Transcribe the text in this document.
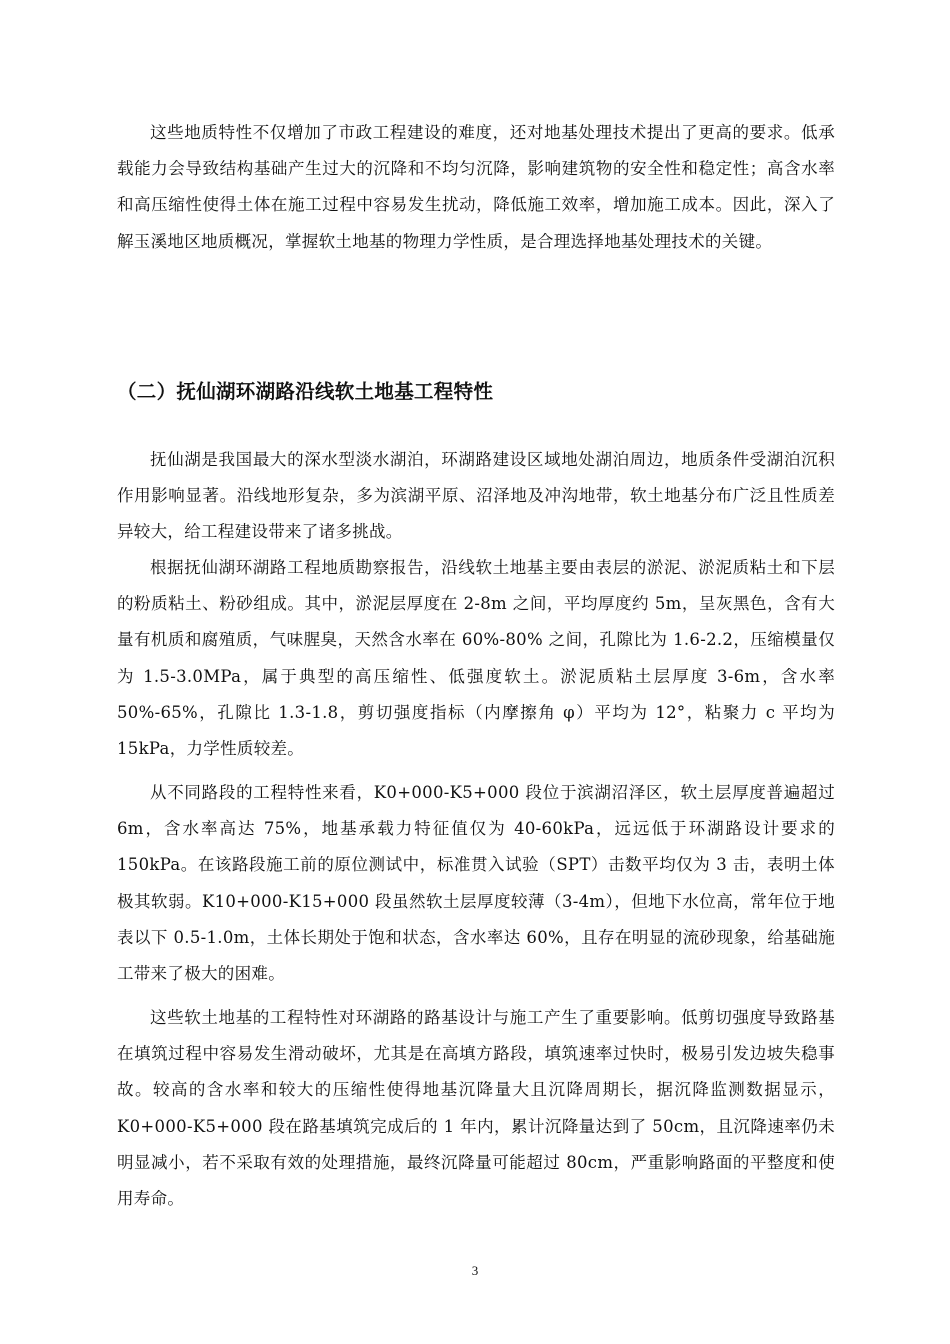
这些地质特性不仅增加了市政工程建设的难度，还对地基处理技术提出了更高的要求。低承载能力会导致结构基础产生过大的沉降和不均匀沉降，影响建筑物的安全性和稳定性；高含水率和高压缩性使得土体在施工过程中容易发生扰动，降低施工效率，增加施工成本。因此，深入了解玉溪地区地质概况，掌握软土地基的物理力学性质，是合理选择地基处理技术的关键。

（二）抚仙湖环湖路沿线软土地基工程特性

抚仙湖是我国最大的深水型淡水湖泊，环湖路建设区域地处湖泊周边，地质条件受湖泊沉积作用影响显著。沿线地形复杂，多为滨湖平原、沼泽地及冲沟地带，软土地基分布广泛且性质差异较大，给工程建设带来了诸多挑战。

根据抚仙湖环湖路工程地质勘察报告，沿线软土地基主要由表层的淤泥、淤泥质粘土和下层的粉质粘土、粉砂组成。其中，淤泥层厚度在 2-8m 之间，平均厚度约 5m，呈灰黑色，含有大量有机质和腐殖质，气味腥臭，天然含水率在 60%-80% 之间，孔隙比为 1.6-2.2，压缩模量仅为 1.5-3.0MPa，属于典型的高压缩性、低强度软土。淤泥质粘土层厚度 3-6m，含水率 50%-65%，孔隙比 1.3-1.8，剪切强度指标（内摩擦角 φ）平均为 12°，粘聚力 c 平均为 15kPa，力学性质较差。

从不同路段的工程特性来看，K0+000-K5+000 段位于滨湖沼泽区，软土层厚度普遍超过 6m，含水率高达 75%，地基承载力特征值仅为 40-60kPa，远远低于环湖路设计要求的 150kPa。在该路段施工前的原位测试中，标准贯入试验（SPT）击数平均仅为 3 击，表明土体极其软弱。K10+000-K15+000 段虽然软土层厚度较薄（3-4m），但地下水位高，常年位于地表以下 0.5-1.0m，土体长期处于饱和状态，含水率达 60%，且存在明显的流砂现象，给基础施工带来了极大的困难。

这些软土地基的工程特性对环湖路的路基设计与施工产生了重要影响。低剪切强度导致路基在填筑过程中容易发生滑动破坏，尤其是在高填方路段，填筑速率过快时，极易引发边坡失稳事故。较高的含水率和较大的压缩性使得地基沉降量大且沉降周期长，据沉降监测数据显示，K0+000-K5+000 段在路基填筑完成后的 1 年内，累计沉降量达到了 50cm，且沉降速率仍未明显减小，若不采取有效的处理措施，最终沉降量可能超过 80cm，严重影响路面的平整度和使用寿命。

3
